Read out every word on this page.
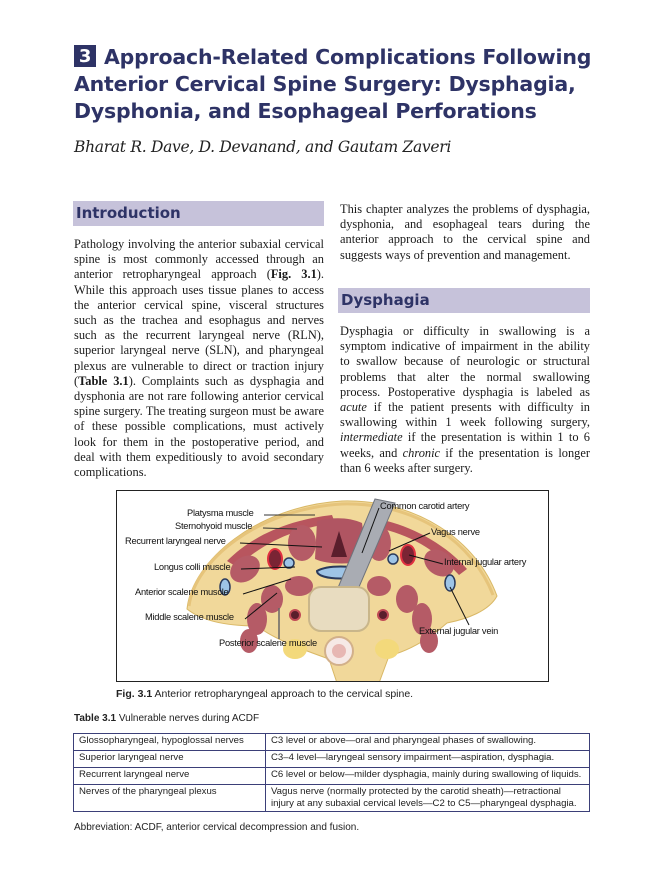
3 Approach-Related Complications Following Anterior Cervical Spine Surgery: Dysphagia, Dysphonia, and Esophageal Perforations
Bharat R. Dave, D. Devanand, and Gautam Zaveri
Introduction

Pathology involving the anterior subaxial cervical spine is most commonly accessed through an anterior retropharyngeal approach (Fig. 3.1). While this approach uses tissue planes to access the anterior cervical spine, visceral structures such as the trachea and esophagus and nerves such as the recurrent laryngeal nerve (RLN), superior laryngeal nerve (SLN), and pharyngeal plexus are vulnerable to direct or traction injury (Table 3.1). Complaints such as dysphagia and dysphonia are not rare following anterior cervical spine surgery. The treating surgeon must be aware of these possible complications, must actively look for them in the postoperative period, and deal with them expeditiously to avoid secondary complications.

This chapter analyzes the problems of dysphagia, dysphonia, and esophageal tears during the anterior approach to the cervical spine and suggests ways of prevention and management.

Dysphagia

Dysphagia or difficulty in swallowing is a symptom indicative of impairment in the ability to swallow because of neurologic or structural problems that alter the normal swallowing process. Postoperative dysphagia is labeled as acute if the patient presents with difficulty in swallowing within 1 week following surgery, intermediate if the presentation is within 1 to 6 weeks, and chronic if the presentation is longer than 6 weeks after surgery.

Platysma muscle
Sternohyoid muscle
Recurrent laryngeal nerve
Longus colli muscle
Anterior scalene muscle
Middle scalene muscle
Posterior scalene muscle
Common carotid artery
Vagus nerve
Internal jugular artery
External jugular vein
Fig. 3.1 Anterior retropharyngeal approach to the cervical spine.
Table 3.1 Vulnerable nerves during ACDF
Glossopharyngeal, hypoglossal nerves	C3 level or above—oral and pharyngeal phases of swallowing.
Superior laryngeal nerve	C3–4 level—laryngeal sensory impairment—aspiration, dysphagia.
Recurrent laryngeal nerve	C6 level or below—milder dysphagia, mainly during swallowing of liquids.
Nerves of the pharyngeal plexus	Vagus nerve (normally protected by the carotid sheath)—retractional injury at any subaxial cervical levels—C2 to C5—pharyngeal dysphagia.
Abbreviation: ACDF, anterior cervical decompression and fusion.
